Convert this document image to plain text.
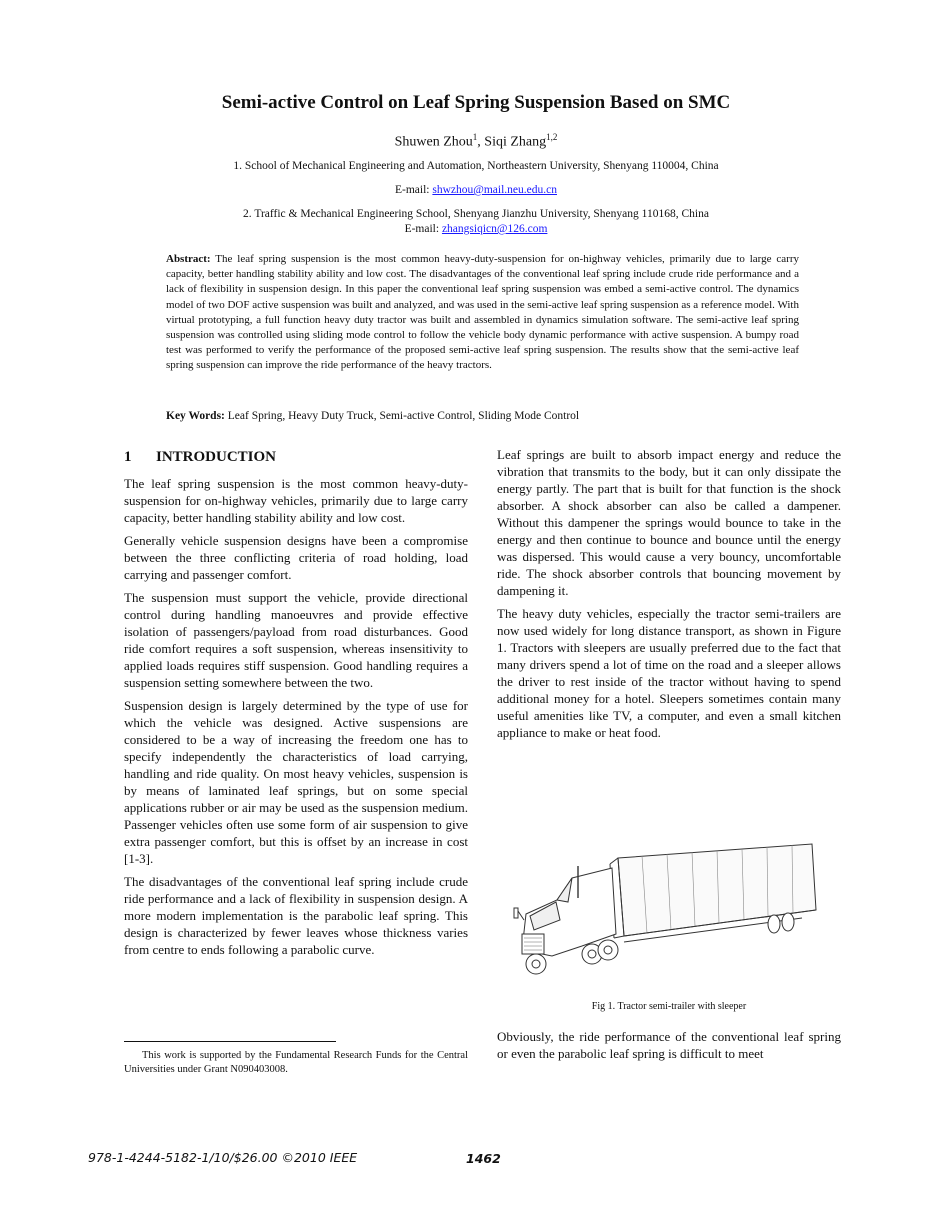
Semi-active Control on Leaf Spring Suspension Based on SMC
Shuwen Zhou$^1$, Siqi Zhang$^{1,2}$
1. School of Mechanical Engineering and Automation, Northeastern University, Shenyang 110004, China
E-mail: shwzhou@mail.neu.edu.cn
2. Traffic & Mechanical Engineering School, Shenyang Jianzhu University, Shenyang 110168, China
E-mail: zhangsiqicn@126.com
Abstract: The leaf spring suspension is the most common heavy-duty-suspension for on-highway vehicles, primarily due to large carry capacity, better handling stability ability and low cost. The disadvantages of the conventional leaf spring include crude ride performance and a lack of flexibility in suspension design. In this paper the conventional leaf spring suspension was embed a semi-active control. The dynamics model of two DOF active suspension was built and analyzed, and was used in the semi-active leaf spring suspension as a reference model. With virtual prototyping, a full function heavy duty tractor was built and assembled in dynamics simulation software. The semi-active leaf spring suspension was controlled using sliding mode control to follow the vehicle body dynamic performance with active suspension. A bumpy road test was performed to verify the performance of the proposed semi-active leaf spring suspension. The results show that the semi-active leaf spring suspension can improve the ride performance of the heavy tractors.
Key Words: Leaf Spring, Heavy Duty Truck, Semi-active Control, Sliding Mode Control
1 INTRODUCTION

The leaf spring suspension is the most common heavy-duty-suspension for on-highway vehicles, primarily due to large carry capacity, better handling stability ability and low cost.

Generally vehicle suspension designs have been a compromise between the three conflicting criteria of road holding, load carrying and passenger comfort.

The suspension must support the vehicle, provide directional control during handling manoeuvres and provide effective isolation of passengers/payload from road disturbances. Good ride comfort requires a soft suspension, whereas insensitivity to applied loads requires stiff suspension. Good handling requires a suspension setting somewhere between the two.

Suspension design is largely determined by the type of use for which the vehicle was designed. Active suspensions are considered to be a way of increasing the freedom one has to specify independently the characteristics of load carrying, handling and ride quality. On most heavy vehicles, suspension is by means of laminated leaf springs, but on some special applications rubber or air may be used as the suspension medium. Passenger vehicles often use some form of air suspension to give extra passenger comfort, but this is offset by an increase in cost [1-3].

The disadvantages of the conventional leaf spring include crude ride performance and a lack of flexibility in suspension design. A more modern implementation is the parabolic leaf spring. This design is characterized by fewer leaves whose thickness varies from centre to ends following a parabolic curve.

Leaf springs are built to absorb impact energy and reduce the vibration that transmits to the body, but it can only dissipate the energy partly. The part that is built for that function is the shock absorber. A shock absorber can also be called a dampener. Without this dampener the springs would bounce to take in the energy and then continue to bounce and bounce until the energy was dispersed. This would cause a very bouncy, uncomfortable ride. The shock absorber controls that bouncing movement by dampening it.

The heavy duty vehicles, especially the tractor semi-trailers are now used widely for long distance transport, as shown in Figure 1. Tractors with sleepers are usually preferred due to the fact that many drivers spend a lot of time on the road and a sleeper allows the driver to rest inside of the tractor without having to spend additional money for a hotel. Sleepers sometimes contain many useful amenities like TV, a computer, and even a small kitchen appliance to make or heat food.

Fig 1. Tractor semi-trailer with sleeper

Obviously, the ride performance of the conventional leaf spring or even the parabolic leaf spring is difficult to meet

This work is supported by the Fundamental Research Funds for the Central Universities under Grant N090403008.
978-1-4244-5182-1/10/$26.00 ©2010 IEEE	1462
